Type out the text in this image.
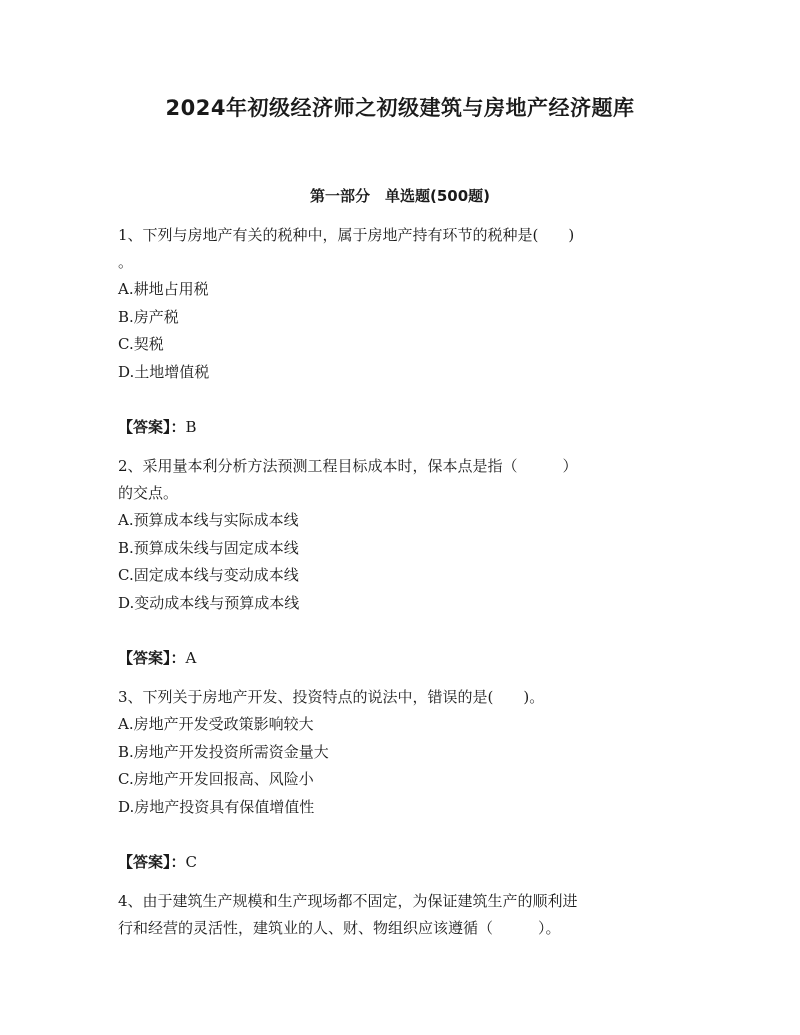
2024年初级经济师之初级建筑与房地产经济题库
第一部分　单选题(500题)

1、下列与房地产有关的税种中，属于房地产持有环节的税种是(　　)

。

A.耕地占用税

B.房产税

C.契税

D.土地增值税

【答案】：B

2、采用量本利分析方法预测工程目标成本时，保本点是指（　　　）

的交点。

A.预算成本线与实际成本线

B.预算成朱线与固定成本线

C.固定成本线与变动成本线

D.变动成本线与预算成本线

【答案】：A

3、下列关于房地产开发、投资特点的说法中，错误的是(　　)。

A.房地产开发受政策影响较大

B.房地产开发投资所需资金量大

C.房地产开发回报高、风险小

D.房地产投资具有保值增值性

【答案】：C

4、由于建筑生产规模和生产现场都不固定，为保证建筑生产的顺利进

行和经营的灵活性，建筑业的人、财、物组织应该遵循（　　　）。
